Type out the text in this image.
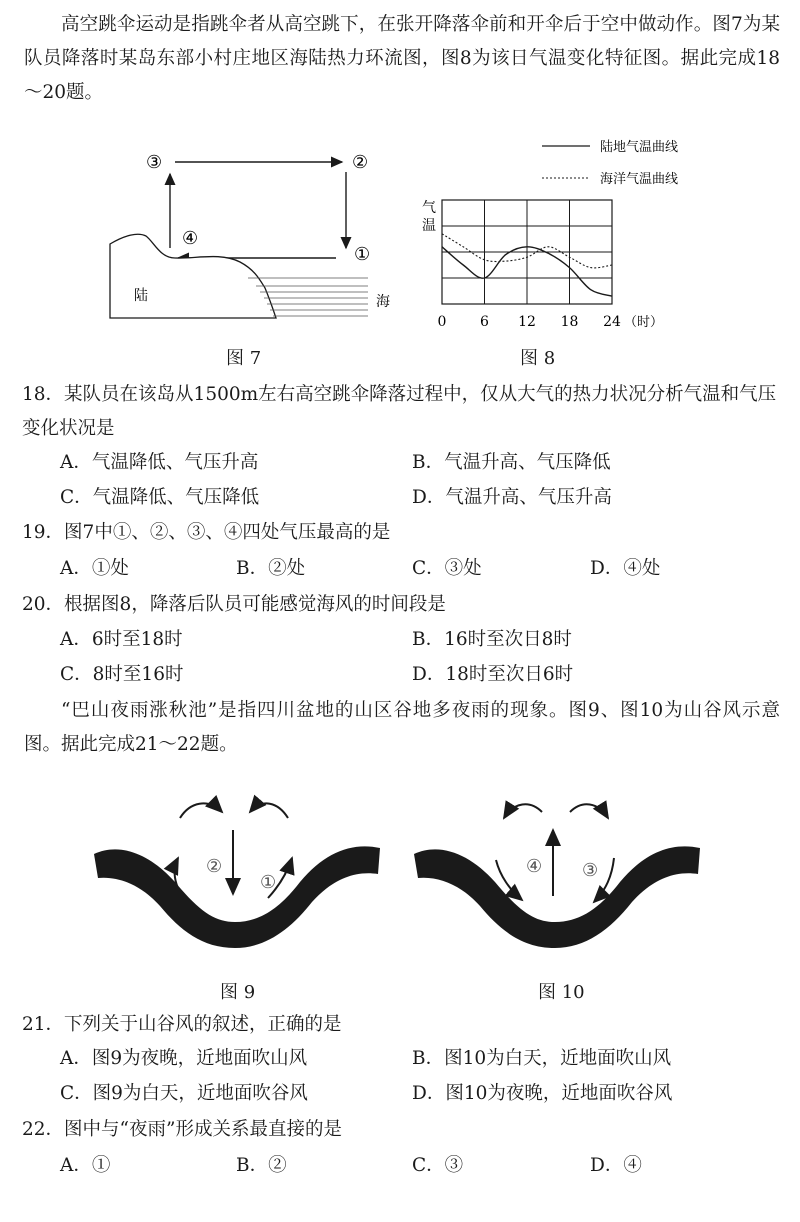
高空跳伞运动是指跳伞者从高空跳下，在张开降落伞前和开伞后于空中做动作。图7为某队员降落时某岛东部小村庄地区海陆热力环流图，图8为该日气温变化特征图。据此完成18～20题。
③	②
①
④
陆	海
图 7
陆地气温曲线
海洋气温曲线
气温
0 6 12 18 24 （时）
图 8
18．某队员在该岛从1500m左右高空跳伞降落过程中，仅从大气的热力状况分析气温和气压变化状况是
A．气温降低、气压升高	B．气温升高、气压降低
C．气温降低、气压降低	D．气温升高、气压升高
19．图7中①、②、③、④四处气压最高的是
A．①处	B．②处	C．③处	D．④处
20．根据图8，降落后队员可能感觉海风的时间段是
A．6时至18时	B．16时至次日8时
C．8时至16时	D．18时至次日6时
“巴山夜雨涨秋池”是指四川盆地的山区谷地多夜雨的现象。图9、图10为山谷风示意图。据此完成21～22题。
②
①
图 9
④ ③
图 10
21．下列关于山谷风的叙述，正确的是
A．图9为夜晚，近地面吹山风	B．图10为白天，近地面吹山风
C．图9为白天，近地面吹谷风	D．图10为夜晚，近地面吹谷风
22．图中与“夜雨”形成关系最直接的是
A．①	B．②	C．③	D．④
